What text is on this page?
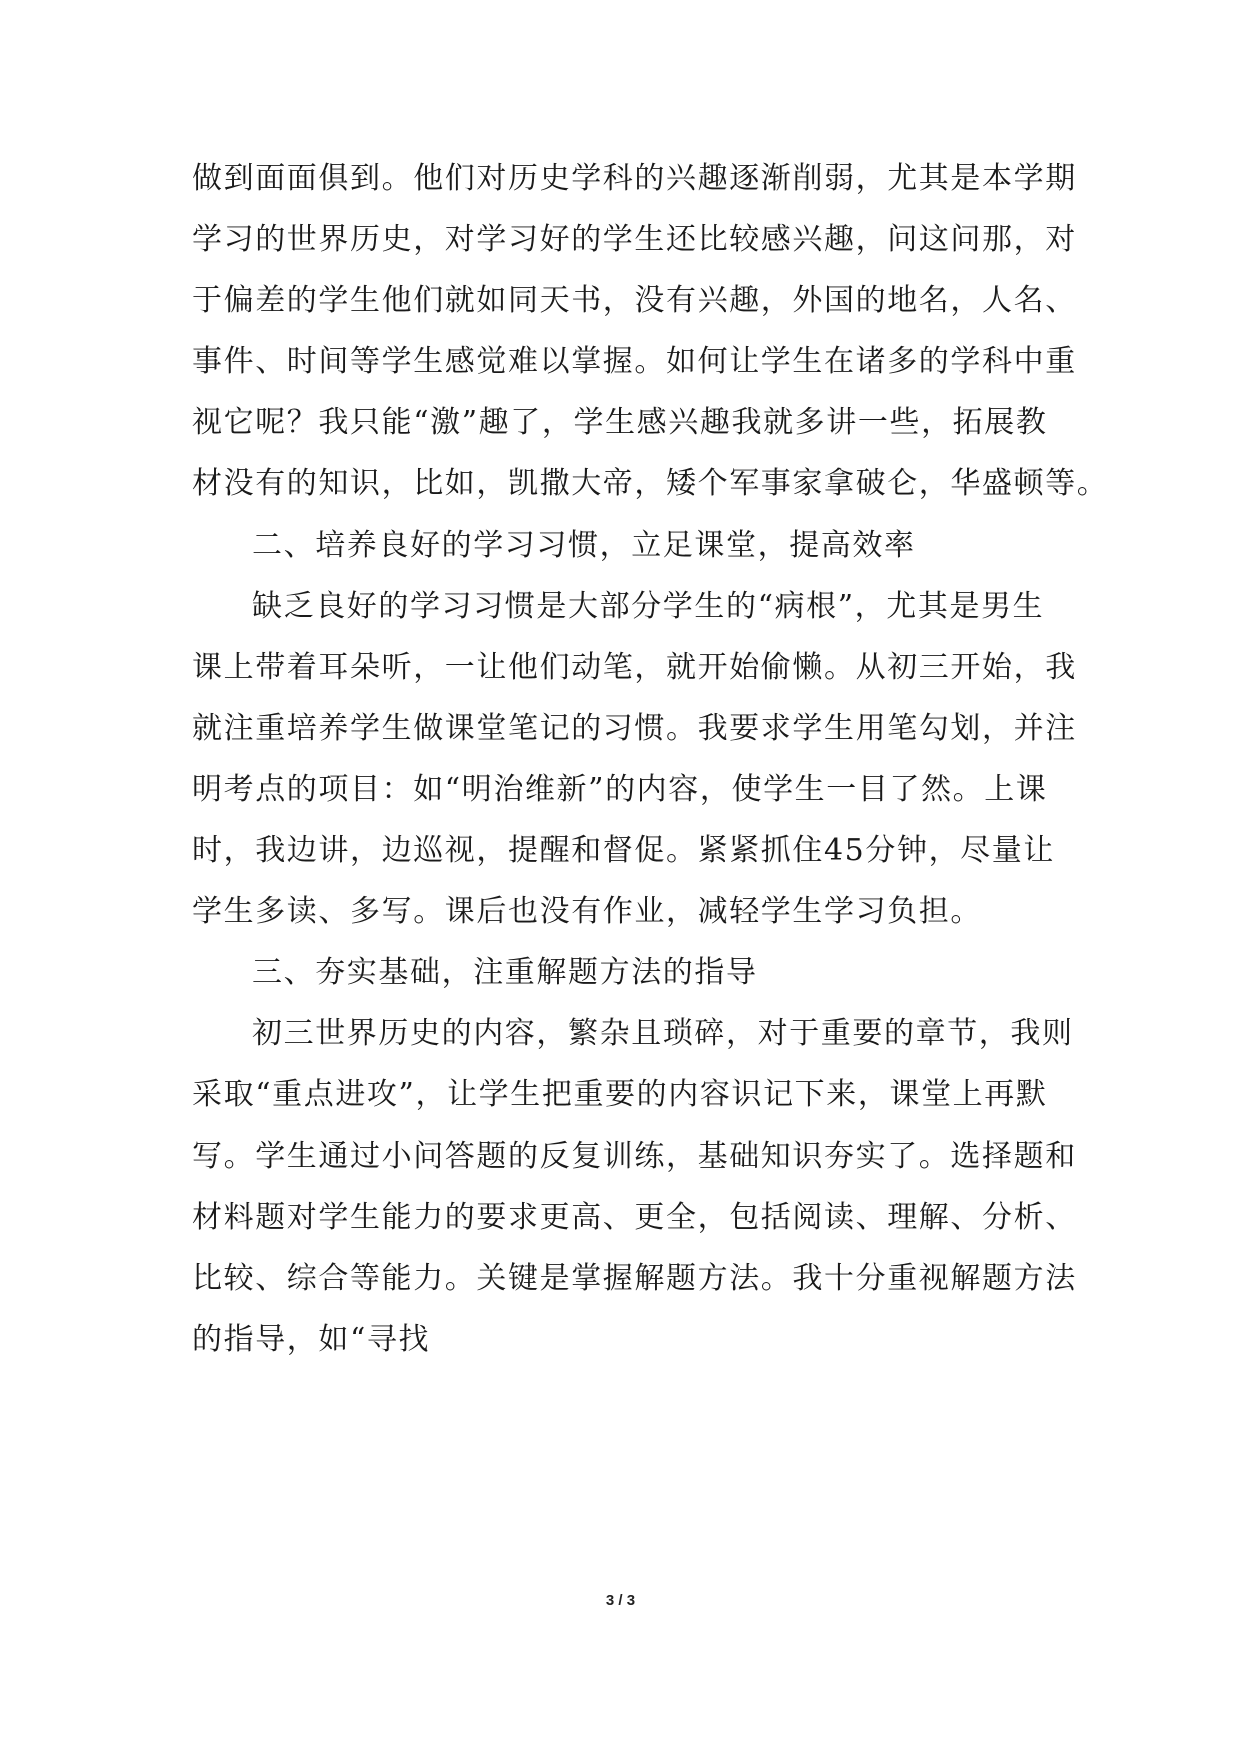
做到面面俱到。他们对历史学科的兴趣逐渐削弱，尤其是本学期
学习的世界历史，对学习好的学生还比较感兴趣，问这问那，对
于偏差的学生他们就如同天书，没有兴趣，外国的地名，人名、
事件、时间等学生感觉难以掌握。如何让学生在诸多的学科中重
视它呢？我只能“激”趣了，学生感兴趣我就多讲一些，拓展教
材没有的知识，比如，凯撒大帝，矮个军事家拿破仑，华盛顿等。
二、培养良好的学习习惯，立足课堂，提高效率
缺乏良好的学习习惯是大部分学生的“病根”，尤其是男生
课上带着耳朵听，一让他们动笔，就开始偷懒。从初三开始，我
就注重培养学生做课堂笔记的习惯。我要求学生用笔勾划，并注
明考点的项目：如“明治维新”的内容，使学生一目了然。上课
时，我边讲，边巡视，提醒和督促。紧紧抓住45分钟，尽量让
学生多读、多写。课后也没有作业，减轻学生学习负担。
三、夯实基础，注重解题方法的指导
初三世界历史的内容，繁杂且琐碎，对于重要的章节，我则
采取“重点进攻”，让学生把重要的内容识记下来，课堂上再默
写。学生通过小问答题的反复训练，基础知识夯实了。选择题和
材料题对学生能力的要求更高、更全，包括阅读、理解、分析、
比较、综合等能力。关键是掌握解题方法。我十分重视解题方法
的指导，如“寻找
3 / 3
